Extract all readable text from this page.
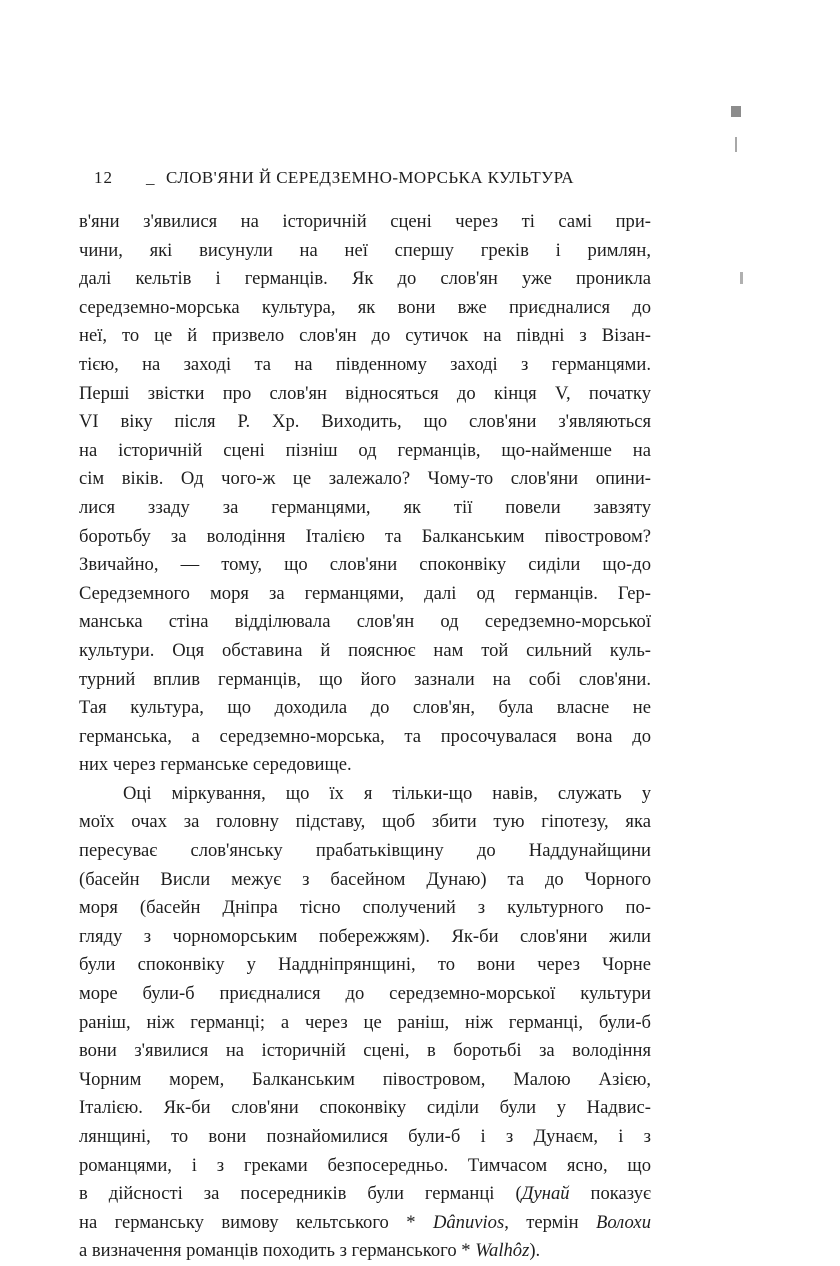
12 _ СЛОВ'ЯНИ Й СЕРЕДЗЕМНО-МОРСЬКА КУЛЬТУРА
в'яни з'явилися на історичній сцені через ті самі при-
чини, які висунули на неї спершу греків і римлян,
далі кельтів і германців. Як до слов'ян уже проникла
середземно-морська культура, як вони вже приєдналися до
неї, то це й призвело слов'ян до сутичок на півдні з Візан-
тією, на заході та на південному заході з германцями.
Перші звістки про слов'ян відносяться до кінця V, початку
VI віку після Р. Хр. Виходить, що слов'яни з'являються
на історичній сцені пізніш од германців, що-найменше на
сім віків. Од чого-ж це залежало? Чому-то слов'яни опини-
лися ззаду за германцями, як тії повели завзяту
боротьбу за володіння Італією та Балканським півостровом?
Звичайно, — тому, що слов'яни споконвіку сиділи що-до
Середземного моря за германцями, далі од германців. Гер-
манська стіна відділювала слов'ян од середземно-морської
культури. Оця обставина й пояснює нам той сильний куль-
турний вплив германців, що його зазнали на собі слов'яни.
Тая культура, що доходила до слов'ян, була власне не
германська, а середземно-морська, та просочувалася вона до
них через германське середовище.
Оці міркування, що їх я тільки-що навів, служать у
моїх очах за головну підставу, щоб збити тую гіпотезу, яка
пересуває слов'янську прабатьківщину до Наддунайщини
(басейн Висли межує з басейном Дунаю) та до Чорного
моря (басейн Дніпра тісно сполучений з культурного по-
гляду з чорноморським побережжям). Як-би слов'яни жили
були споконвіку у Наддніпрянщині, то вони через Чорне
море були-б приєдналися до середземно-морської культури
раніш, ніж германці; а через це раніш, ніж германці, були-б
вони з'явилися на історичній сцені, в боротьбі за володіння
Чорним морем, Балканським півостровом, Малою Азією,
Італією. Як-би слов'яни споконвіку сиділи були у Надвис-
лянщині, то вони познайомилися були-б і з Дунаєм, і з
романцями, і з греками безпосередньо. Тимчасом ясно, що
в дійсності за посередників були германці (Дунай показує
на германську вимову кельтського * Dânuvios, термін Волохи
а визначення романців походить з германського * Walhôz).
